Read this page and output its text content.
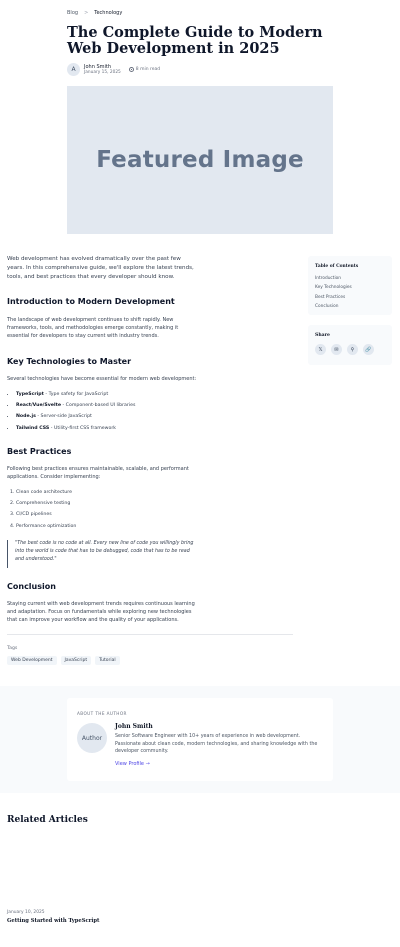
Blog > Technology
The Complete Guide to Modern Web Development in 2025
A	John Smith
January 15, 2025	8 min read
Featured Image

Web development has evolved dramatically over the past few years. In this comprehensive guide, we'll explore the latest trends, tools, and best practices that every developer should know.

Introduction to Modern Development

The landscape of web development continues to shift rapidly. New frameworks, tools, and methodologies emerge constantly, making it essential for developers to stay current with industry trends.

Key Technologies to Master

Several technologies have become essential for modern web development:

• TypeScript - Type safety for JavaScript
• React/Vue/Svelte - Component-based UI libraries
• Node.js - Server-side JavaScript
• Tailwind CSS - Utility-first CSS framework
Best Practices

Following best practices ensures maintainable, scalable, and performant applications. Consider implementing:

1. Clean code architecture
2. Comprehensive testing
3. CI/CD pipelines
4. Performance optimization
"The best code is no code at all. Every new line of code you willingly bring into the world is code that has to be debugged, code that has to be read and understood."
Conclusion

Staying current with web development trends requires continuous learning and adaptation. Focus on fundamentals while exploring new technologies that can improve your workflow and the quality of your applications.

Tags
Web Development	JavaScript	Tutorial
Table of Contents
Introduction
Key Technologies
Best Practices
Conclusion
Share
𝕏	✉	⚲	🔗
ABOUT THE AUTHOR
Author
John Smith

Senior Software Engineer with 10+ years of experience in web development. Passionate about clean code, modern technologies, and sharing knowledge with the developer community.

View Profile →
Related Articles
January 10, 2025
Getting Started with TypeScript
